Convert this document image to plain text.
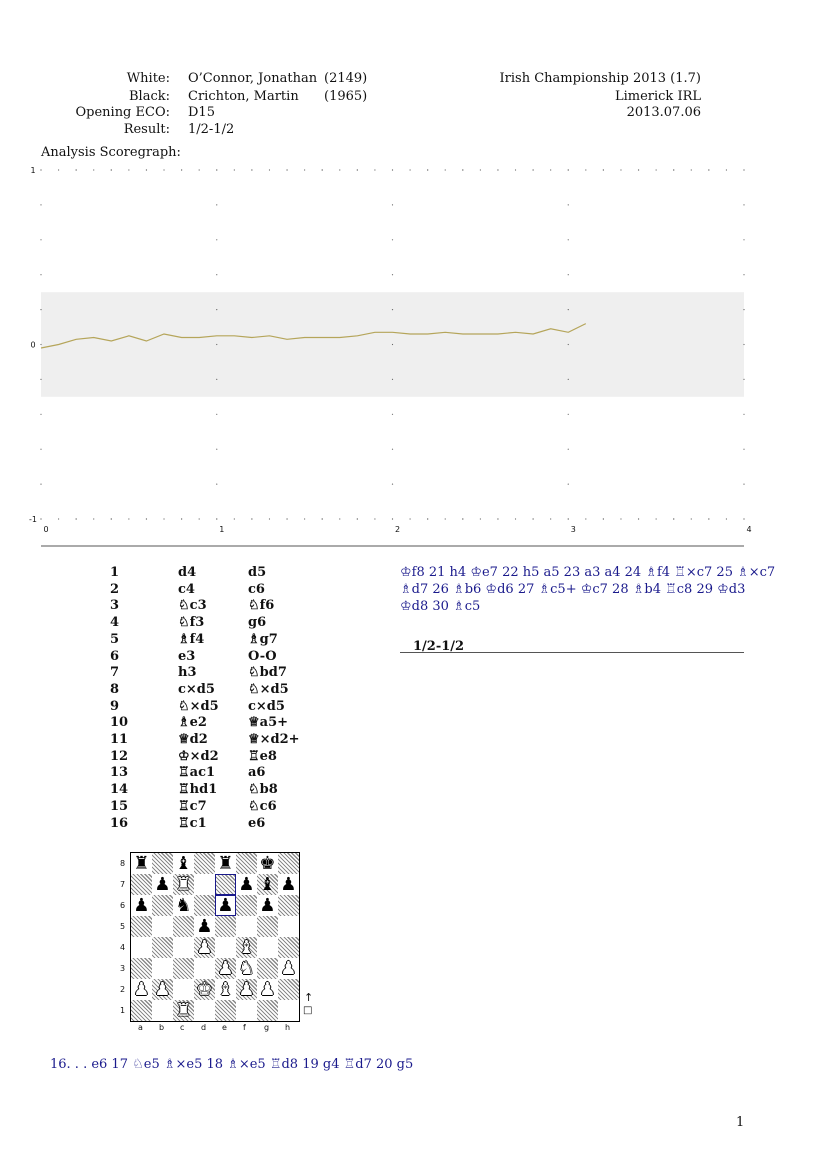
White: O’Connor, Jonathan (2149)
Black: Crichton, Martin (1965)
Opening ECO: D15
Result: 1/2-1/2
Irish Championship 2013 (1.7)
Limerick IRL
2013.07.06
Analysis Scoregraph:
1
0
-1
0	1	2	3	4
1	d4	d5
2	c4	c6
3	♘c3	♘f6
4	♘f3	g6
5	♗f4	♗g7
6	e3	O-O
7	h3	♘bd7
8	c×d5	♘×d5
9	♘×d5 c×d5
10	♗e2	♕a5+
11	♕d2	♕×d2+
12	♔×d2 ♖e8
13	♖ac1	a6
14	♖hd1 ♘b8
15	♖c7	♘c6
16	♖c1	e6
♔f8 21 h4 ♔e7 22 h5 a5 23 a3 a4 24 ♗f4 ♖×c7 25 ♗×c7
♗d7 26 ♗b6 ♔d6 27 ♗c5+ ♔c7 28 ♗b4 ♖c8 29 ♔d3
♔d8 30 ♗c5
1/2-1/2
♜ ♝ ♜ ♚
♟ ♜	♟ ♝ ♟
♟ ♞ ♟ ♟
♟
♟ ♝
♟ ♞ ♟
♟ ♟ ♚ ♝ ♟ ♟
♜
8
7
6
5
4
3
2
1
a b c d e f g h
↑
□
16. . . e6 17 ♘e5 ♗×e5 18 ♗×e5 ♖d8 19 g4 ♖d7 20 g5
1
